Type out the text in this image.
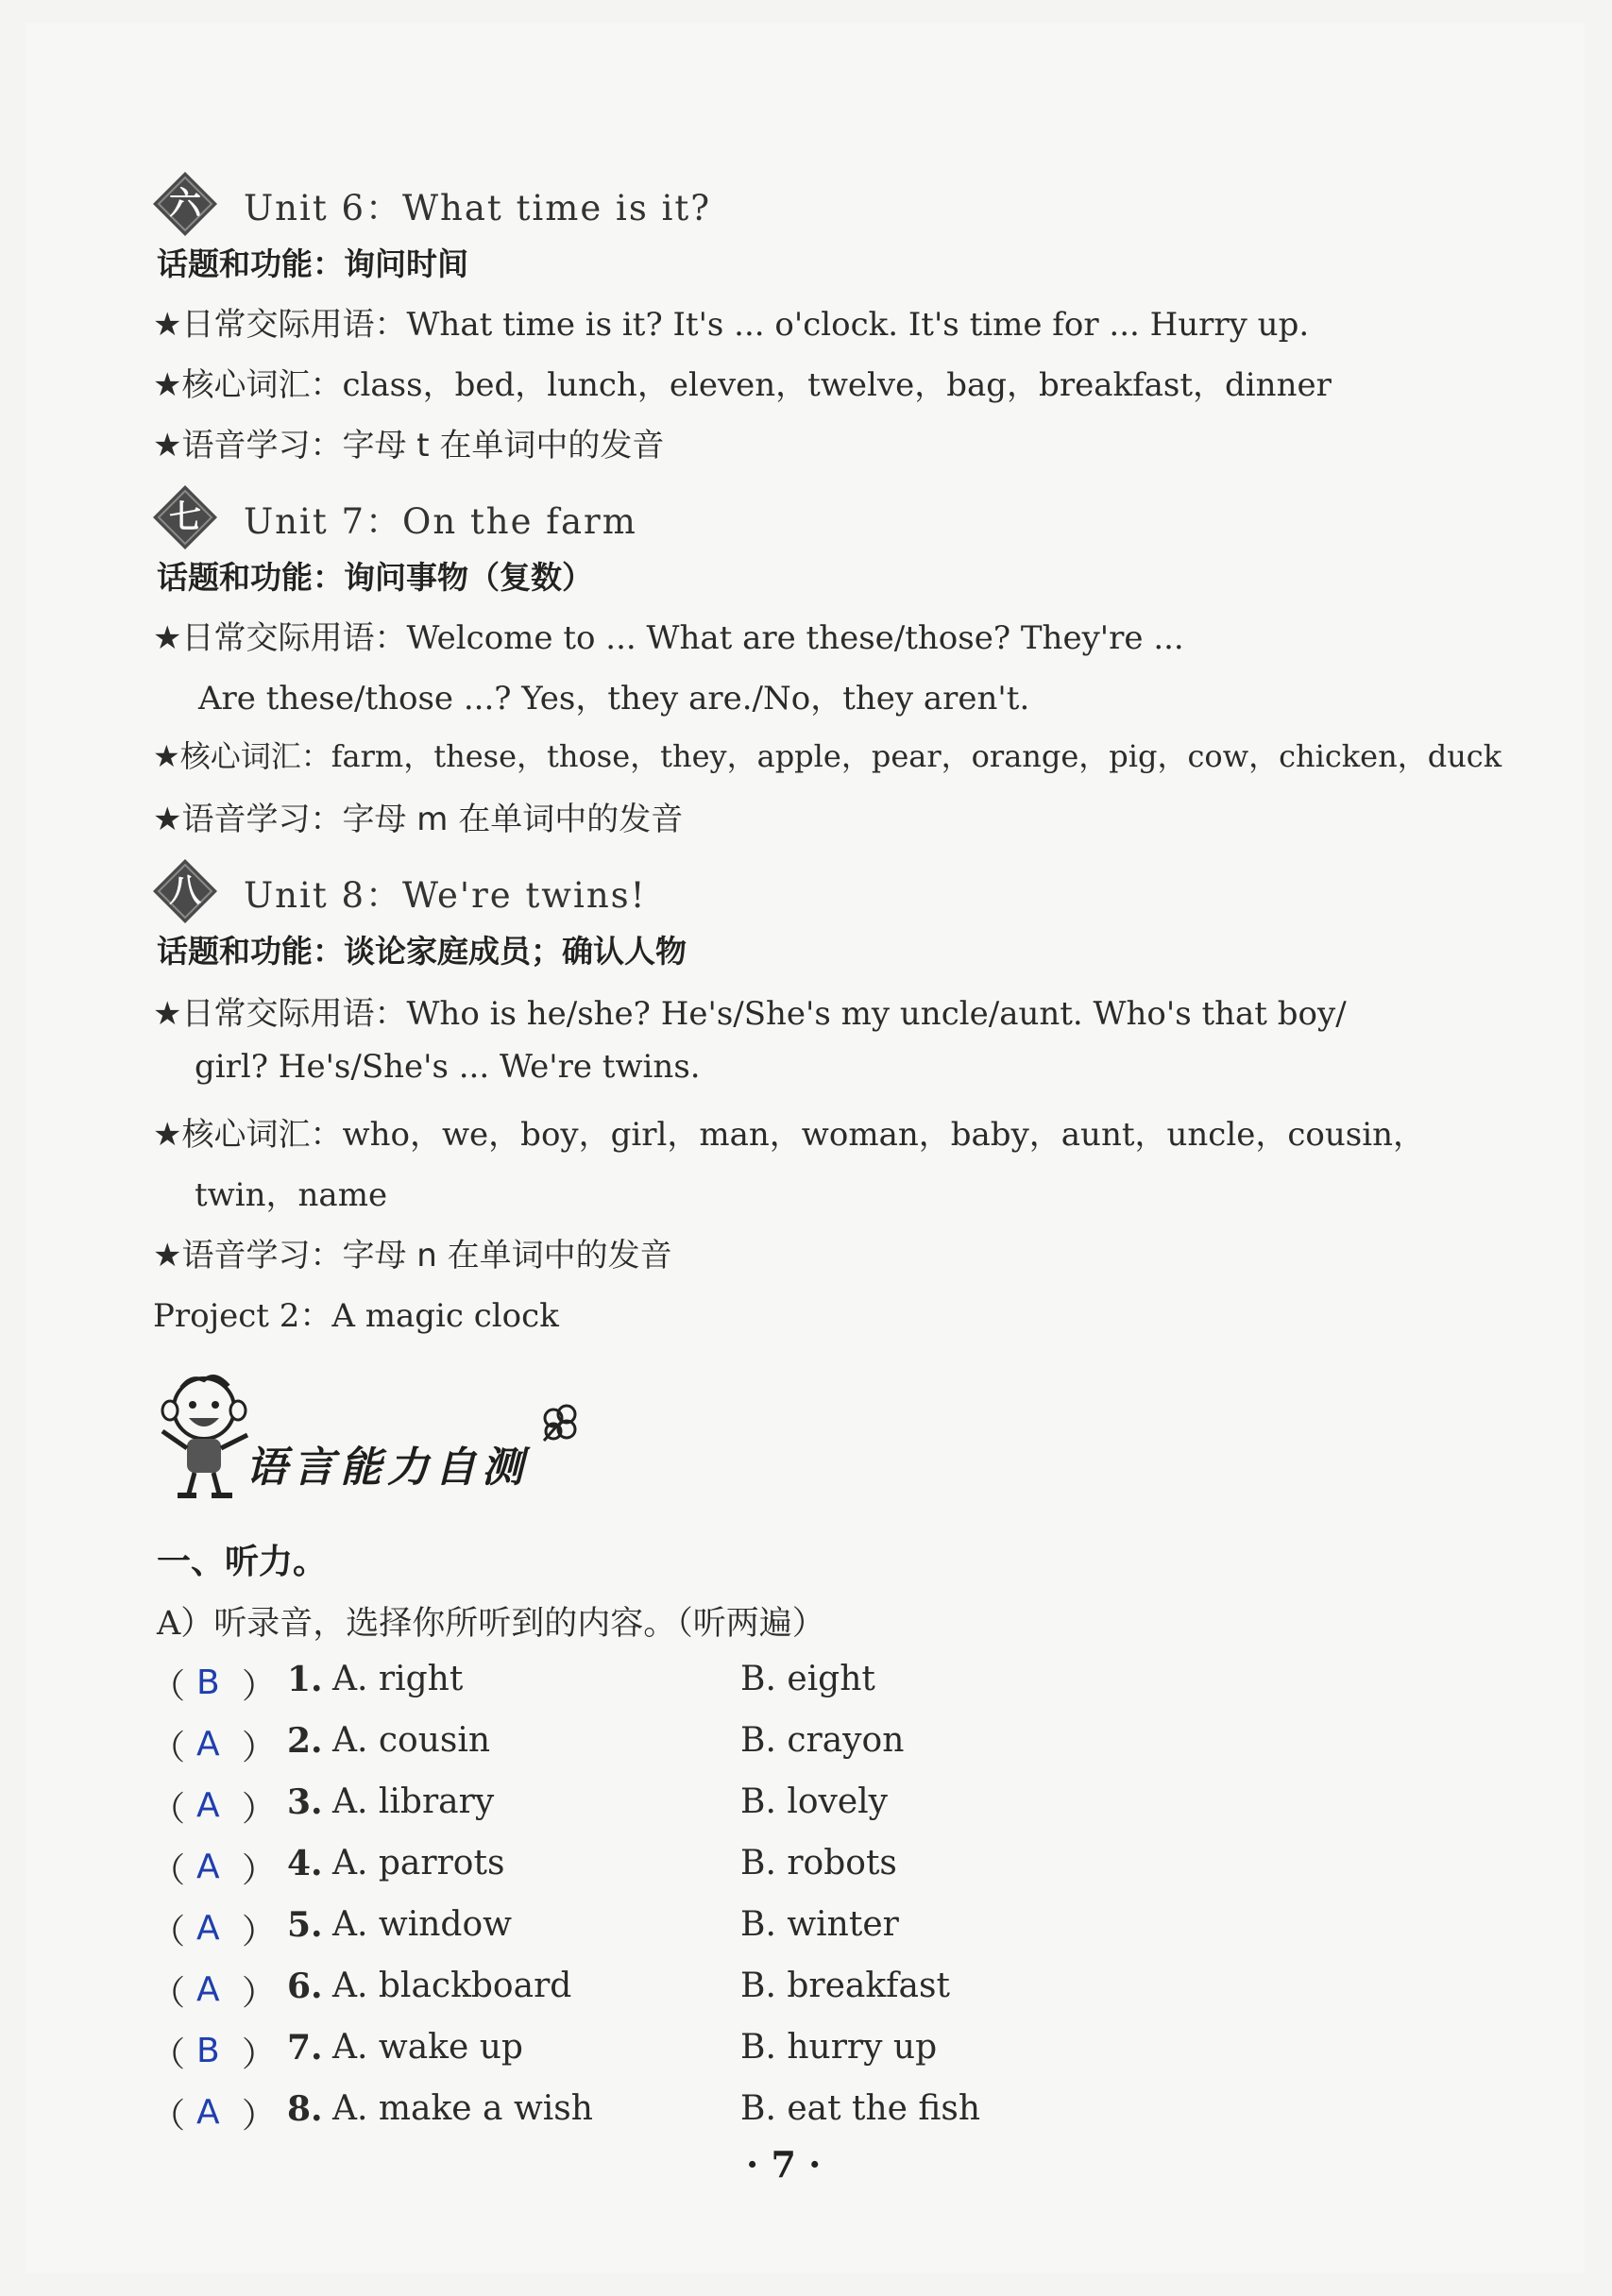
六	Unit 6：What time is it?
话题和功能：询问时间
★日常交际用语：What time is it? It's ... o'clock. It's time for ... Hurry up.
★核心词汇：class，bed，lunch，eleven，twelve，bag，breakfast，dinner
★语音学习：字母 t 在单词中的发音
七	Unit 7：On the farm
话题和功能：询问事物（复数）
★日常交际用语：Welcome to ... What are these/those? They're ...
Are these/those ...? Yes，they are./No，they aren't.
★核心词汇：farm，these，those，they，apple，pear，orange，pig，cow，chicken，duck
★语音学习：字母 m 在单词中的发音
八	Unit 8：We're twins!
话题和功能：谈论家庭成员；确认人物
★日常交际用语：Who is he/she? He's/She's my uncle/aunt. Who's that boy/
girl? He's/She's ... We're twins.
★核心词汇：who，we，boy，girl，man，woman，baby，aunt，uncle，cousin，
twin，name
★语音学习：字母 n 在单词中的发音
Project 2：A magic clock
语言能力自测
一、听力。
A）听录音，选择你所听到的内容。（听两遍）
（ B ） 1. A. right	B. eight
（ A ） 2. A. cousin	B. crayon
（ A ） 3. A. library	B. lovely
（ A ） 4. A. parrots	B. robots
（ A ） 5. A. window	B. winter
（ A ） 6. A. blackboard	B. breakfast
（ B ） 7. A. wake up	B. hurry up
（ A ） 8. A. make a wish	B. eat the fish
· 7 ·
